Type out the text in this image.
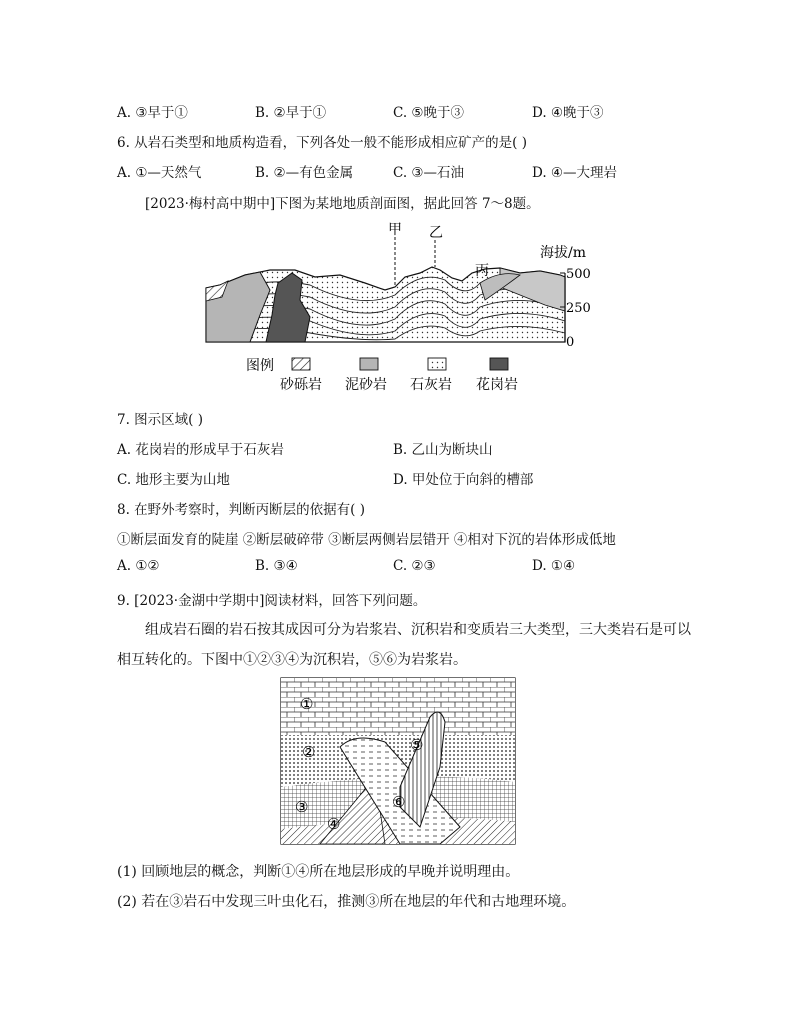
A. ③早于①	B. ②早于①	C. ⑤晚于③	D. ④晚于③
6. 从岩石类型和地质构造看，下列各处一般不能形成相应矿产的是( )
A. ①—天然气	B. ②—有色金属	C. ③—石油	D. ④—大理岩
[2023·梅村高中期中]下图为某地地质剖面图，据此回答 7～8题。
甲 乙
丙
海拔/m
500
250
0
图例
砂砾岩 泥砂岩 石灰岩 花岗岩
7. 图示区域( )
A. 花岗岩的形成早于石灰岩	B. 乙山为断块山
C. 地形主要为山地	D. 甲处位于向斜的槽部
8. 在野外考察时，判断丙断层的依据有( )
①断层面发育的陡崖 ②断层破碎带 ③断层两侧岩层错开 ④相对下沉的岩体形成低地
A. ①②	B. ③④	C. ②③	D. ①④
9. [2023·金湖中学期中]阅读材料，回答下列问题。
组成岩石圈的岩石按其成因可分为岩浆岩、沉积岩和变质岩三大类型，三大类岩石是可以
相互转化的。下图中①②③④为沉积岩，⑤⑥为岩浆岩。
①
②
③
④
⑤
⑥
(1) 回顾地层的概念，判断①④所在地层形成的早晚并说明理由。
(2) 若在③岩石中发现三叶虫化石，推测③所在地层的年代和古地理环境。
